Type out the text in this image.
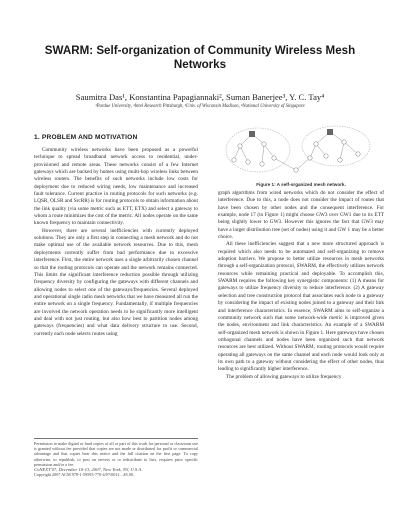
SWARM: Self-organization of Community Wireless Mesh Networks
Saumitra Das¹, Konstantina Papagiannaki², Suman Banerjee³, Y. C. Tay⁴
¹Purdue University, ²Intel Research Pittsburgh, ³Univ. of Wisconsin Madison, ⁴National University of Singapore
1. PROBLEM AND MOTIVATION

Community wireless networks have been proposed as a powerful technique to spread broadband network access to residential, under-provisioned and remote areas. These networks consist of a few Internet gateways which are backed by homes using multi-hop wireless links between wireless routers. The benefits of such networks include low costs for deployment due to reduced wiring needs, low maintenance and increased fault tolerance. Current practice in routing protocols for such networks (e.g. LQSR, OLSR and SrcRR) is for routing protocols to obtain information about the link quality (via some metric such as ETT, ETX) and select a gateway to whom a route minimizes the cost of the metric. All nodes operate on the same known frequency to maintain connectivity.

However, there are several inefficiencies with currently deployed solutions. They are only a first step in connecting a mesh network and do not make optimal use of the available network resources. Due to this, mesh deployments currently suffer from bad performance due to excessive interference. First, the entire network uses a single arbitrarily chosen channel so that the routing protocols can operate and the network remains connected. This limits the significant interference reduction possible through utilizing frequency diversity by configuring the gateways with different channels and allowing nodes to select one of the gateways/frequencies. Several deployed and operational single radio mesh networks that we have measured all run the entire network on a single frequency. Fundamentally, if multiple frequencies are involved the network operation needs to be significantly more intelligent and deal with not just routing, but also how best to partition nodes among gateways (frequencies) and what data delivery structure to use. Second, currently each node selects routes using

Figure 1: A self-organized mesh network.

graph algorithms from wired networks which do not consider the effect of interference. Due to this, a node does not consider the impact of routes that have been chosen by other nodes and the consequent interference. For example, node 17 (in Figure 1) might choose GW3 over GW1 due to its ETT being slightly lower to GW3. However this ignores the fact that GW3 may have a larger distribution tree (set of nodes) using it and GW 1 may be a better choice.

All these inefficiencies suggest that a new more structured approach is required which also needs to be automated and self-organizing to remove adoption barriers. We propose to better utilize resources in mesh networks through a self-organization protocol, SWARM, the effectively utilizes network resources while remaining practical and deployable. To accomplish this, SWARM requires the following key synergistic components: (1) A means for gateways to utilize frequency diversity to reduce interference. (2) A gateway selection and tree construction protocol that associates each node to a gateway by considering the impact of existing nodes joined to a gateway and their link and interference characteristics. In essence, SWARM aims to self-organize a community network such that some network-wide metric is improved given the nodes, environment and link characteristics. An example of a SWARM self-organized mesh network is shown in Figure 1. Here gateways have chosen orthogonal channels and nodes have been organized such that network resources are best utilized. Without SWARM, routing protocols would require operating all gateways on the same channel and each node would look only at its own path to a gateway without considering the effect of other nodes, thus leading to significantly higher interference.

The problem of allowing gateways to utilize frequency

Permission to make digital or hard copies of all or part of this work for personal or classroom use is granted without fee provided that copies are not made or distributed for profit or commercial advantage and that copies bear this notice and the full citation on the first page. To copy otherwise, to republish, to post on servers or to redistribute to lists, requires prior specific permission and/or a fee.

CoNEXT'07, December 10-13, 2007, New York, NY, U.S.A.

Copyright 2007 ACM 978-1-59593-770-4/07/0012 ...$5.00.
